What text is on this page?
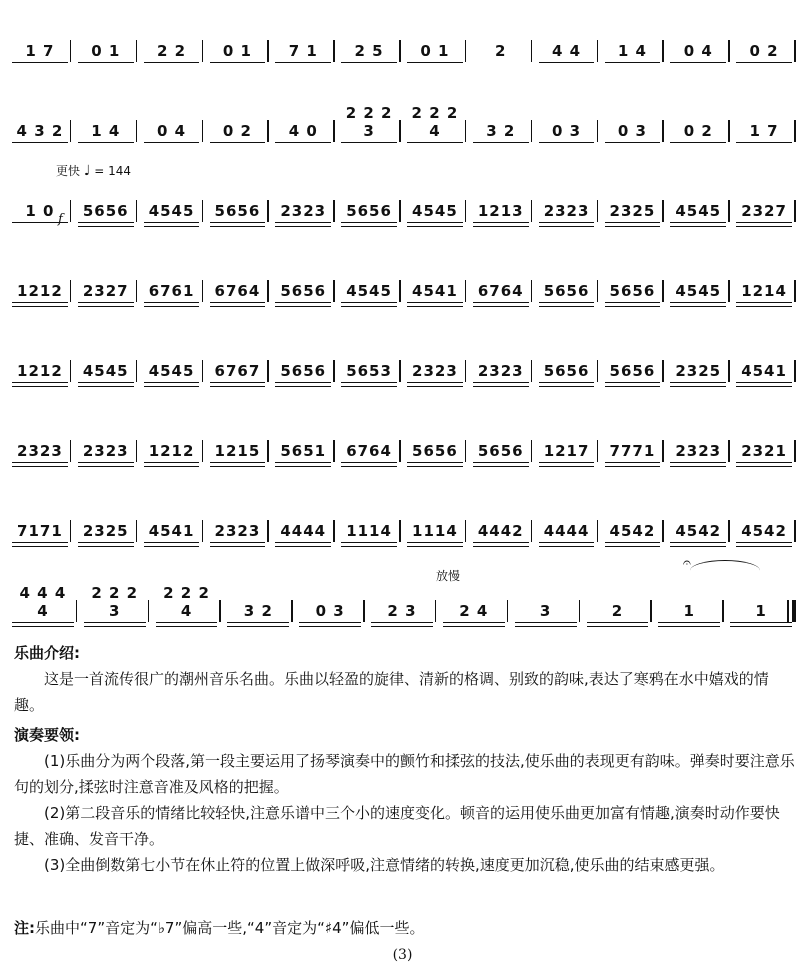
更快 ♩ = 144
f
放慢
𝄐
1 7	0 1	2 2	0 1	7 1	2 5	0 1	2	4 4	1 4	0 4	0 2
4 3 2	1 4	0 4	0 2	4 0
2 2 2 3
2 2 2 4	3 2	0 3	0 3	0 2	1 7
1 0	5656	4545	5656	2323	5656	4545	1213	2323	2325	4545	2327
1212	2327	6761	6764	5656	4545	4541	6764	5656	5656	4545	1214
1212	4545	4545	6767	5656	5653	2323	2323	5656	5656	2325	4541
2323	2323	1212	1215	5651	6764	5656	5656	1217	7771	2323	2321
7171	2325	4541	2323	4444	1114	1114	4442	4444	4542	4542	4542
4 4 4 4
2 2 2 3
2 2 2 4	3 2	0 3	2 3	2 4	3	2	1	1

乐曲介绍:

这是一首流传很广的潮州音乐名曲。乐曲以轻盈的旋律、清新的格调、别致的韵味,表达了寒鸦在水中嬉戏的情趣。

演奏要领:

(1)乐曲分为两个段落,第一段主要运用了扬琴演奏中的颤竹和揉弦的技法,使乐曲的表现更有韵味。弹奏时要注意乐句的划分,揉弦时注意音准及风格的把握。

(2)第二段音乐的情绪比较轻快,注意乐谱中三个小的速度变化。顿音的运用使乐曲更加富有情趣,演奏时动作要快捷、准确、发音干净。

(3)全曲倒数第七小节在休止符的位置上做深呼吸,注意情绪的转换,速度更加沉稳,使乐曲的结束感更强。

注:乐曲中“7”音定为“♭7”偏高一些,“4”音定为“♯4”偏低一些。

(3)
